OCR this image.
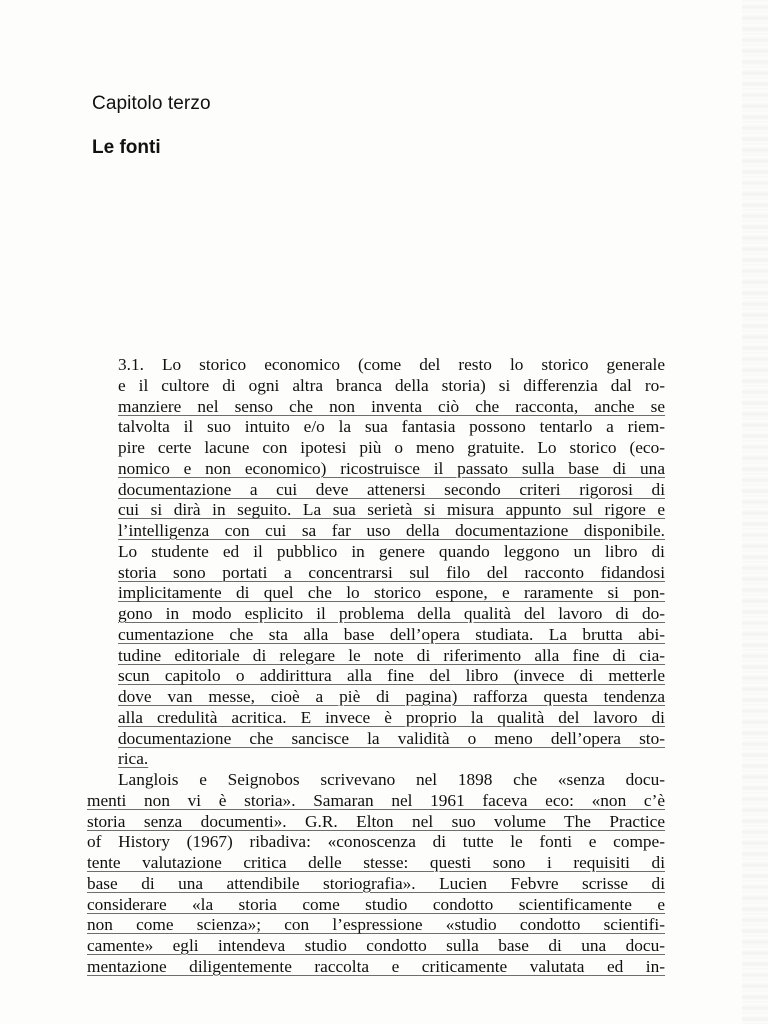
Capitolo terzo
Le fonti

3.1. Lo storico economico (come del resto lo storico generale
e il cultore di ogni altra branca della storia) si differenzia dal ro-
manziere nel senso che non inventa ciò che racconta, anche se
talvolta il suo intuito e/o la sua fantasia possono tentarlo a riem-
pire certe lacune con ipotesi più o meno gratuite. Lo storico (eco-
nomico e non economico) ricostruisce il passato sulla base di una
documentazione a cui deve attenersi secondo criteri rigorosi di
cui si dirà in seguito. La sua serietà si misura appunto sul rigore e
l’intelligenza con cui sa far uso della documentazione disponibile.
Lo studente ed il pubblico in genere quando leggono un libro di
storia sono portati a concentrarsi sul filo del racconto fidandosi
implicitamente di quel che lo storico espone, e raramente si pon-
gono in modo esplicito il problema della qualità del lavoro di do-
cumentazione che sta alla base dell’opera studiata. La brutta abi-
tudine editoriale di relegare le note di riferimento alla fine di cia-
scun capitolo o addirittura alla fine del libro (invece di metterle
dove van messe, cioè a piè di pagina) rafforza questa tendenza
alla credulità acritica. E invece è proprio la qualità del lavoro di
documentazione che sancisce la validità o meno dell’opera sto-
rica.

Langlois e Seignobos scrivevano nel 1898 che «senza docu-
menti non vi è storia». Samaran nel 1961 faceva eco: «non c’è
storia senza documenti». G.R. Elton nel suo volume The Practice
of History (1967) ribadiva: «conoscenza di tutte le fonti e compe-
tente valutazione critica delle stesse: questi sono i requisiti di
base di una attendibile storiografia». Lucien Febvre scrisse di
considerare «la storia come studio condotto scientificamente e
non come scienza»; con l’espressione «studio condotto scientifi-
camente» egli intendeva studio condotto sulla base di una docu-
mentazione diligentemente raccolta e criticamente valutata ed in-
